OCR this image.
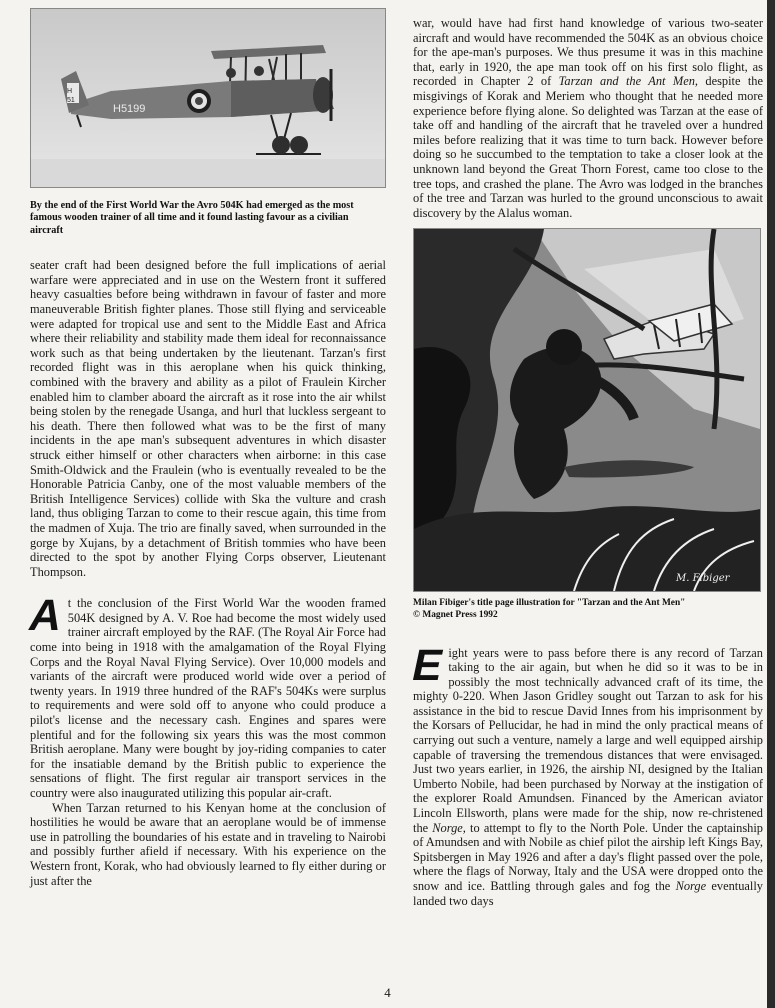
H
51
H5199

By the end of the First World War the Avro 504K had emerged as the most famous wooden trainer of all time and it found lasting favour as a civilian aircraft

seater craft had been designed before the full implications of aerial warfare were appreciated and in use on the Western front it suffered heavy casualties before being withdrawn in favour of faster and more maneuverable British fighter planes. Those still flying and serviceable were adapted for tropical use and sent to the Middle East and Africa where their reliability and stability made them ideal for reconnaissance work such as that being undertaken by the lieutenant. Tarzan's first recorded flight was in this aeroplane when his quick thinking, combined with the bravery and ability as a pilot of Fraulein Kircher enabled him to clamber aboard the aircraft as it rose into the air whilst being stolen by the renegade Usanga, and hurl that luckless sergeant to his death. There then followed what was to be the first of many incidents in the ape man's subsequent adventures in which disaster struck either himself or other characters when airborne: in this case Smith-Oldwick and the Fraulein (who is eventually revealed to be the Honorable Patricia Canby, one of the most valuable members of the British Intelligence Services) collide with Ska the vulture and crash land, thus obliging Tarzan to come to their rescue again, this time from the madmen of Xuja. The trio are finally saved, when surrounded in the gorge by Xujans, by a detachment of British tommies who have been directed to the spot by another Flying Corps observer, Lieutenant Thompson.

At the conclusion of the First World War the wooden framed 504K designed by A. V. Roe had become the most widely used trainer aircraft employed by the RAF. (The Royal Air Force had come into being in 1918 with the amalgamation of the Royal Flying Corps and the Royal Naval Flying Service). Over 10,000 models and variants of the aircraft were produced world wide over a period of twenty years. In 1919 three hundred of the RAF's 504Ks were surplus to requirements and were sold off to anyone who could produce a pilot's license and the necessary cash. Engines and spares were plentiful and for the following six years this was the most common British aeroplane. Many were bought by joy-riding companies to cater for the insatiable demand by the British public to experience the sensations of flight. The first regular air transport services in the country were also inaugurated utilizing this popular air-craft.

When Tarzan returned to his Kenyan home at the conclusion of hostilities he would be aware that an aeroplane would be of immense use in patrolling the boundaries of his estate and in traveling to Nairobi and possibly further afield if necessary. With his experience on the Western front, Korak, who had obviously learned to fly either during or just after the

war, would have had first hand knowledge of various two-seater aircraft and would have recommended the 504K as an obvious choice for the ape-man's purposes. We thus presume it was in this machine that, early in 1920, the ape man took off on his first solo flight, as recorded in Chapter 2 of Tarzan and the Ant Men, despite the misgivings of Korak and Meriem who thought that he needed more experience before flying alone. So delighted was Tarzan at the ease of take off and handling of the aircraft that he traveled over a hundred miles before realizing that it was time to turn back. However before doing so he succumbed to the temptation to take a closer look at the unknown land beyond the Great Thorn Forest, came too close to the tree tops, and crashed the plane. The Avro was lodged in the branches of the tree and Tarzan was hurled to the ground unconscious to await discovery by the Alalus woman.

M. Fibiger

Milan Fibiger's title page illustration for "Tarzan and the Ant Men"
© Magnet Press 1992

Eight years were to pass before there is any record of Tarzan taking to the air again, but when he did so it was to be in possibly the most technically advanced craft of its time, the mighty 0-220. When Jason Gridley sought out Tarzan to ask for his assistance in the bid to rescue David Innes from his imprisonment by the Korsars of Pellucidar, he had in mind the only practical means of carrying out such a venture, namely a large and well equipped airship capable of traversing the tremendous distances that were envisaged. Just two years earlier, in 1926, the airship NI, designed by the Italian Umberto Nobile, had been purchased by Norway at the instigation of the explorer Roald Amundsen. Financed by the American aviator Lincoln Ellsworth, plans were made for the ship, now re-christened the Norge, to attempt to fly to the North Pole. Under the captainship of Amundsen and with Nobile as chief pilot the airship left Kings Bay, Spitsbergen in May 1926 and after a day's flight passed over the pole, where the flags of Norway, Italy and the USA were dropped onto the snow and ice. Battling through gales and fog the Norge eventually landed two days

4
